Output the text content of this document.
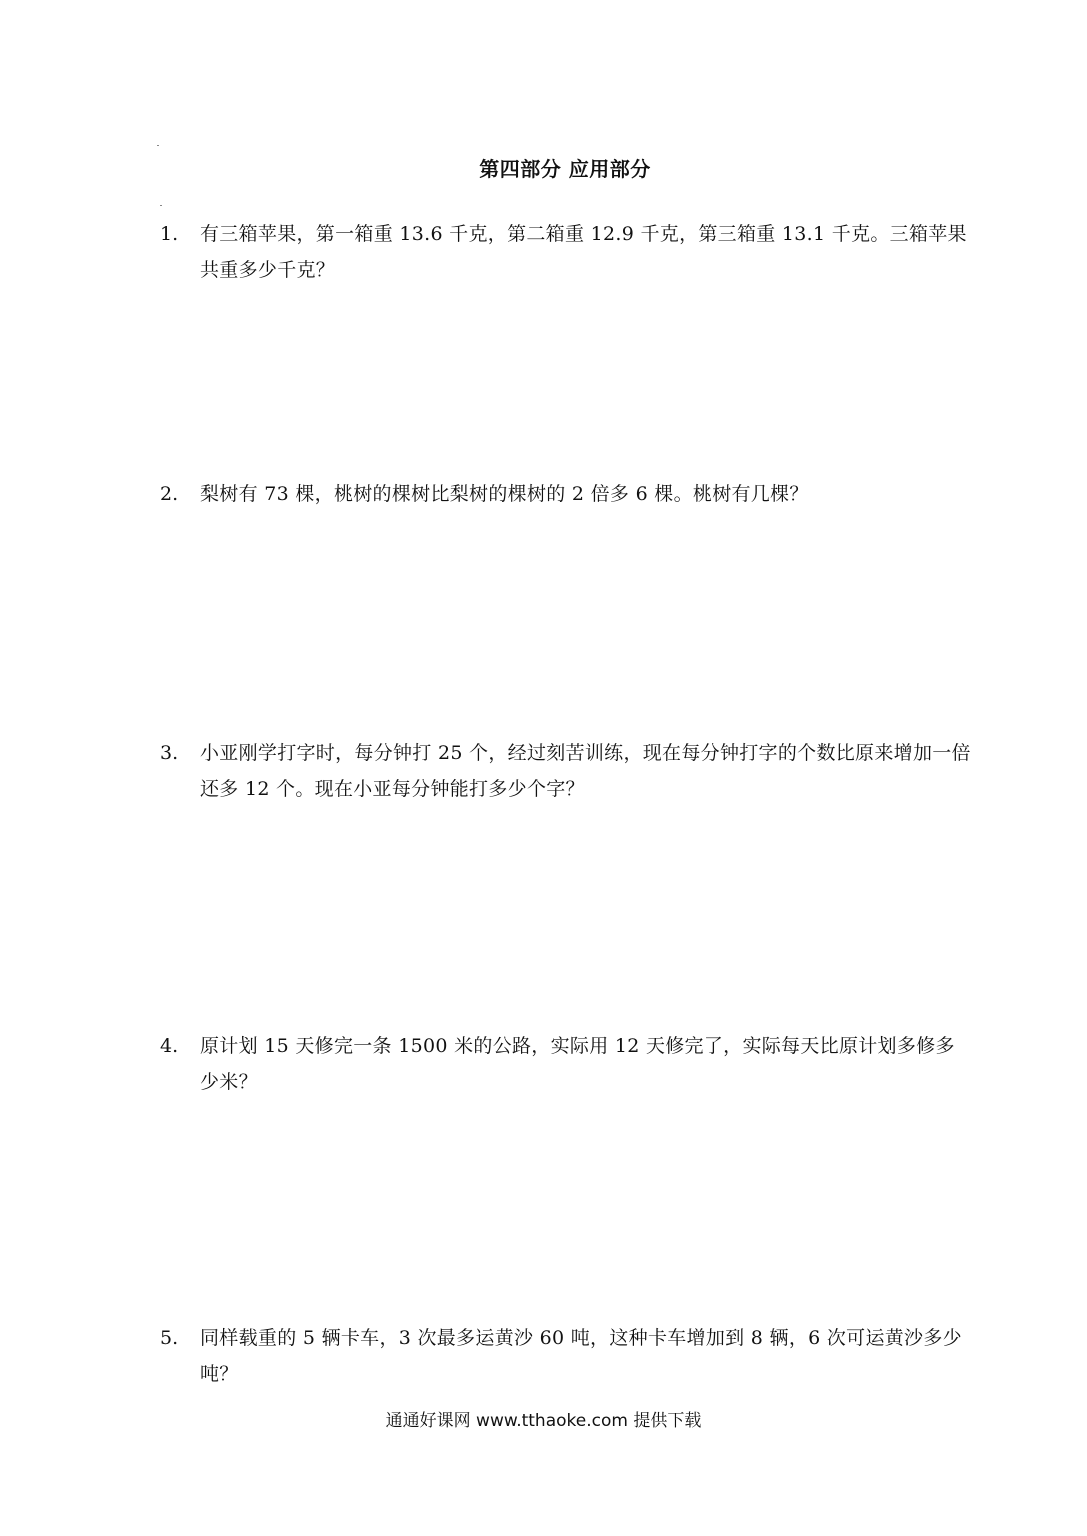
第四部分 应用部分
1. 有三箱苹果，第一箱重 13.6 千克，第二箱重 12.9 千克，第三箱重 13.1 千克。三箱苹果共重多少千克？
2. 梨树有 73 棵，桃树的棵树比梨树的棵树的 2 倍多 6 棵。桃树有几棵？
3. 小亚刚学打字时，每分钟打 25 个，经过刻苦训练，现在每分钟打字的个数比原来增加一倍还多 12 个。现在小亚每分钟能打多少个字？
4. 原计划 15 天修完一条 1500 米的公路，实际用 12 天修完了，实际每天比原计划多修多少米？
5. 同样载重的 5 辆卡车，3 次最多运黄沙 60 吨，这种卡车增加到 8 辆，6 次可运黄沙多少吨？
通通好课网 www.tthaoke.com 提供下载
